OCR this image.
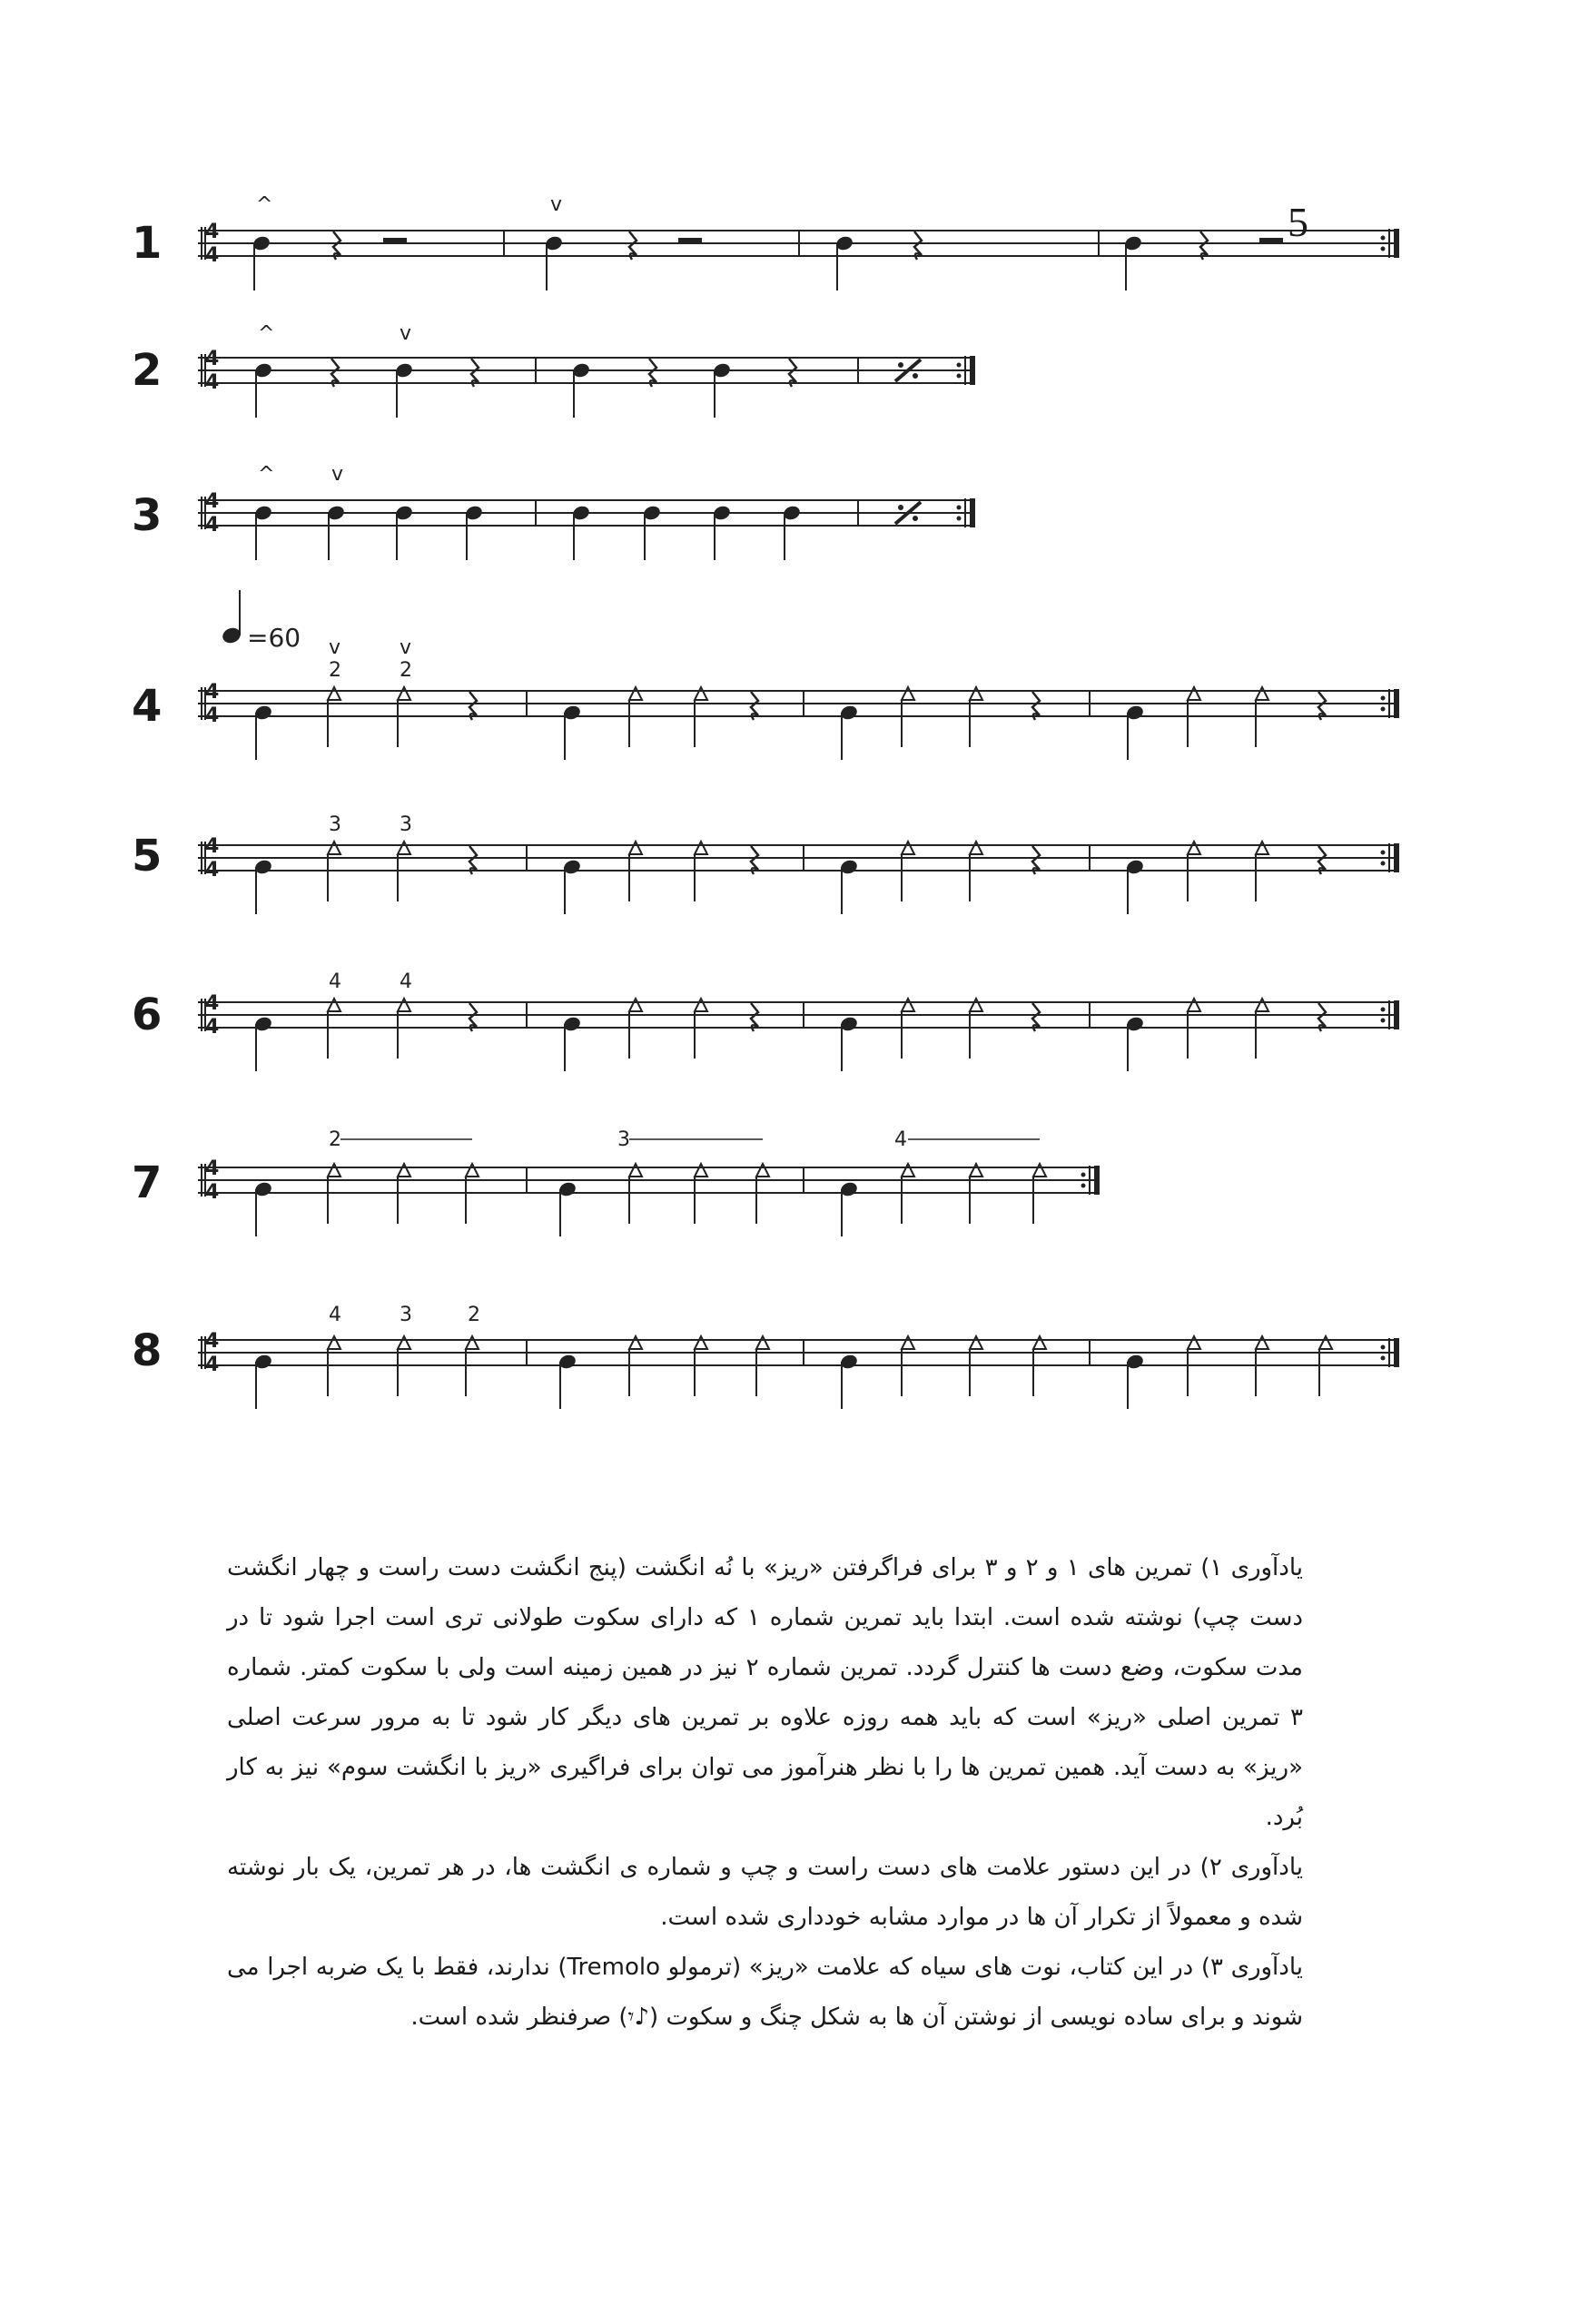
5
1
2
3
4
5
6
7
8
4
4
^	v
4
4
^	v
4
4
^	v
4
4
=60 v	v
2	2
4
4
3	3
4
4
4	4
4
4
2	3	4
4
4
4	3	2

یادآوری ۱) تمرین های ۱ و ۲ و ۳ برای فراگرفتن «ریز» با نُه انگشت (پنج انگشت دست راست و چهار انگشت دست چپ) نوشته شده است. ابتدا باید تمرین شماره ۱ که دارای سکوت طولانی تری است اجرا شود تا در مدت سکوت، وضع دست ها کنترل گردد. تمرین شماره ۲ نیز در همین زمینه است ولی با سکوت کمتر. شماره ۳ تمرین اصلی «ریز» است که باید همه روزه علاوه بر تمرین های دیگر کار شود تا به مرور سرعت اصلی «ریز» به دست آید. همین تمرین ها را با نظر هنرآموز می توان برای فراگیری «ریز با انگشت سوم» نیز به کار بُرد.

یادآوری ۲) در این دستور علامت های دست راست و چپ و شماره ی انگشت ها، در هر تمرین، یک بار نوشته شده و معمولاً از تکرار آن ها در موارد مشابه خودداری شده است.

یادآوری ۳) در این کتاب، نوت های سیاه که علامت «ریز» (ترمولو Tremolo) ندارند، فقط با یک ضربه اجرا می شوند و برای ساده نویسی از نوشتن آن ها به شکل چنگ و سکوت (♪𝄾) صرفنظر شده است.
